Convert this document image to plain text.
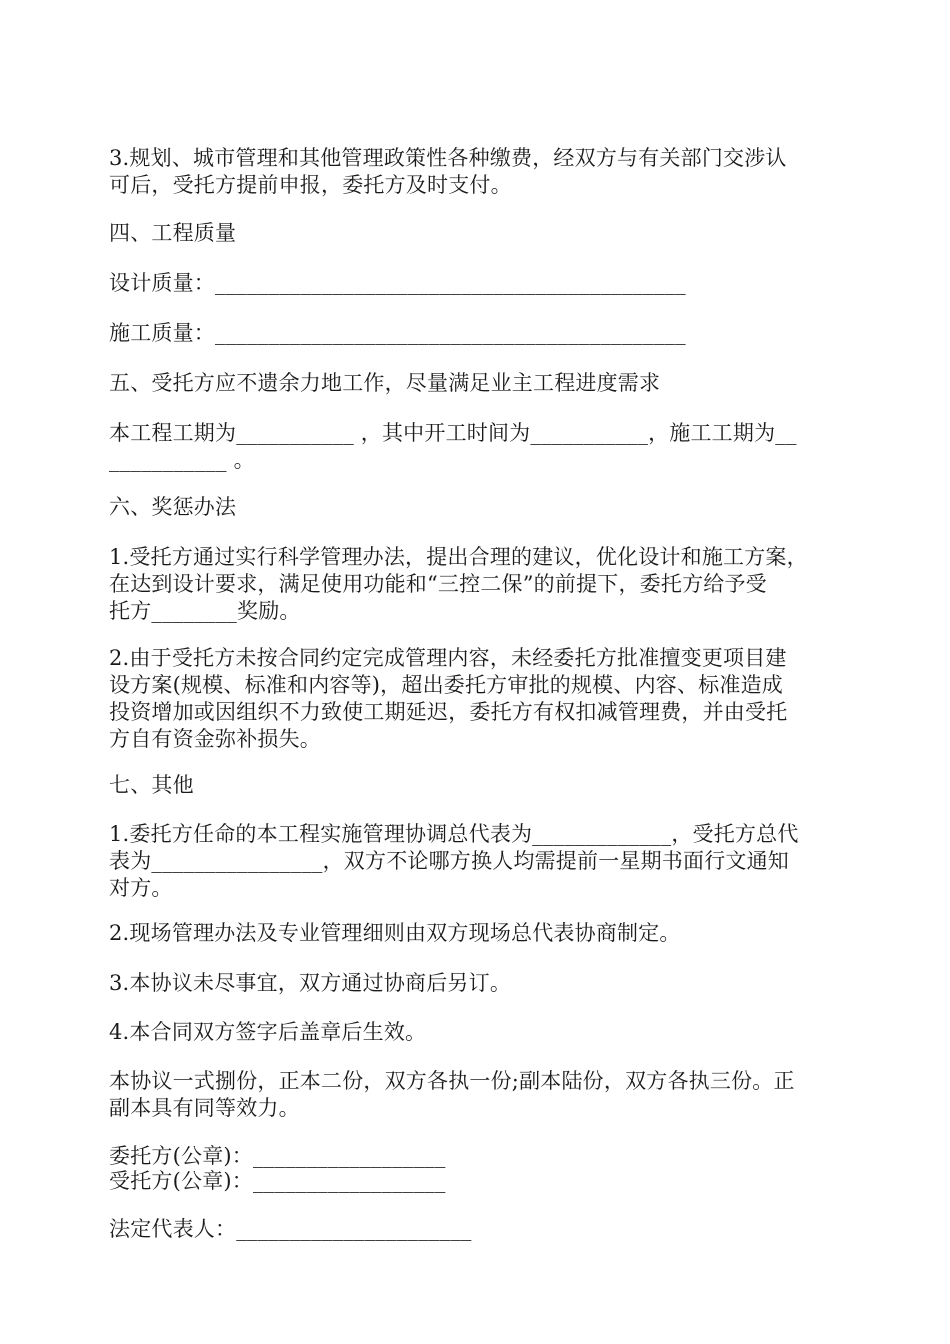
3.规划、城市管理和其他管理政策性各种缴费，经双方与有关部门交涉认
可后，受托方提前申报，委托方及时支付。
四、工程质量
设计质量：____________________________________________
施工质量：____________________________________________
五、受托方应不遗余力地工作，尽量满足业主工程进度需求
本工程工期为___________ ，其中开工时间为___________，施工工期为__
___________ 。
六、奖惩办法
1.受托方通过实行科学管理办法，提出合理的建议，优化设计和施工方案，
在达到设计要求，满足使用功能和“三控二保”的前提下，委托方给予受
托方________奖励。
2.由于受托方未按合同约定完成管理内容，未经委托方批准擅变更项目建
设方案(规模、标准和内容等)，超出委托方审批的规模、内容、标准造成
投资增加或因组织不力致使工期延迟，委托方有权扣减管理费，并由受托
方自有资金弥补损失。
七、其他
1.委托方任命的本工程实施管理协调总代表为_____________，受托方总代
表为________________，双方不论哪方换人均需提前一星期书面行文通知
对方。
2.现场管理办法及专业管理细则由双方现场总代表协商制定。
3.本协议未尽事宜，双方通过协商后另订。
4.本合同双方签字后盖章后生效。
本协议一式捌份，正本二份，双方各执一份;副本陆份，双方各执三份。正
副本具有同等效力。
委托方(公章)：__________________
受托方(公章)：__________________
法定代表人：______________________
